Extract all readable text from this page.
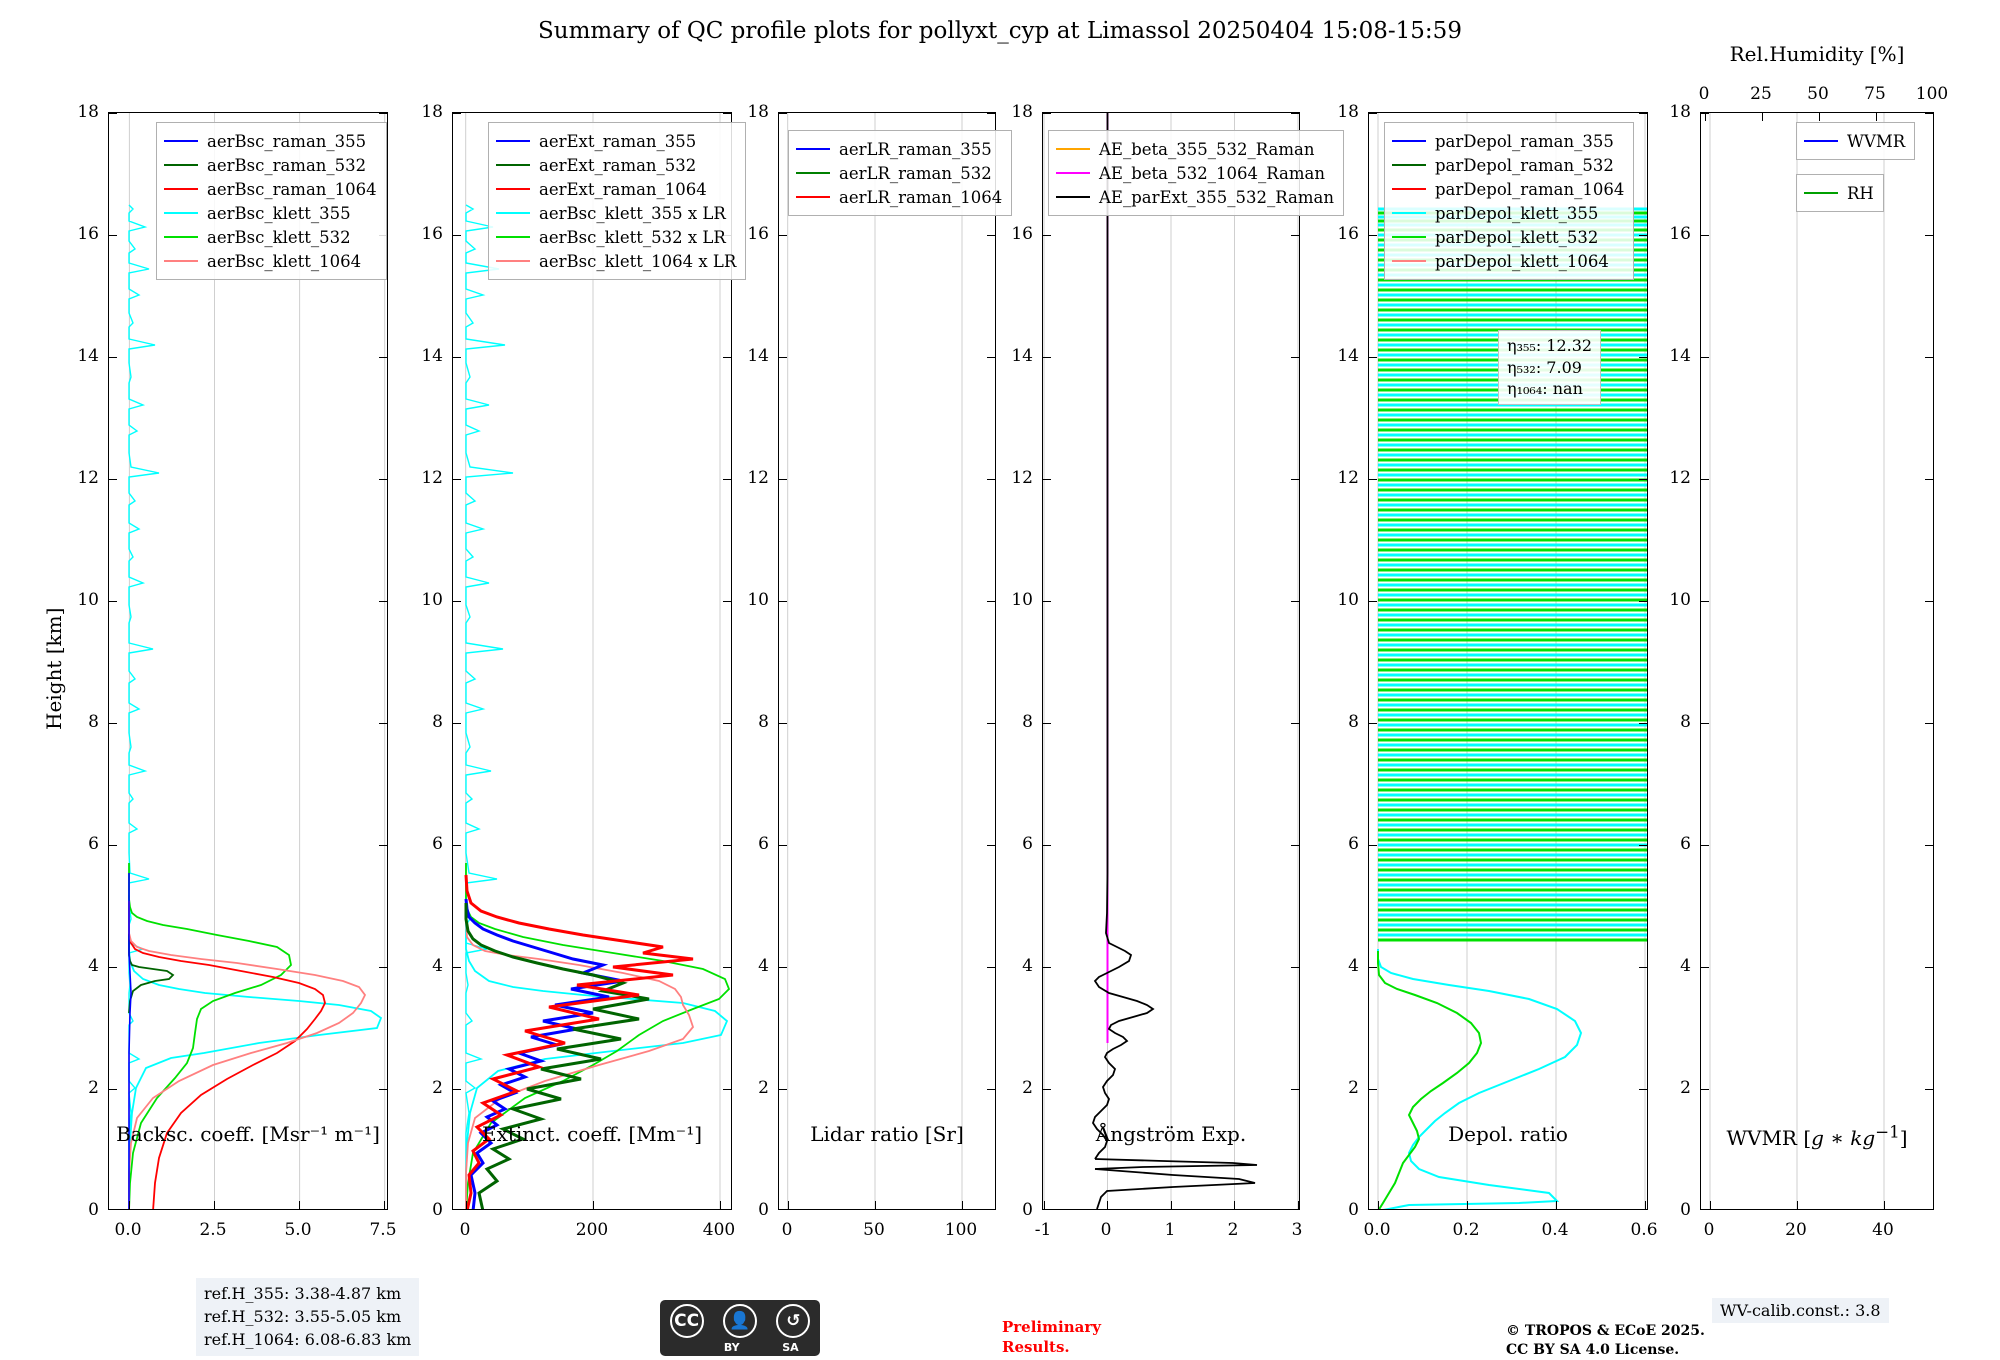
Summary of QC profile plots for pollyxt_cyp at Limassol 20250404 15:08-15:59
Height [km]
0
2
4
6
8
10
12
14
16
18
0.0	2.5	5.0	7.5
aerBsc_raman_355
aerBsc_raman_532
aerBsc_raman_1064
aerBsc_klett_355
aerBsc_klett_532
aerBsc_klett_1064
Backsc. coeff. [Msr⁻¹ m⁻¹]
0
2
4
6
8
10
12
14
16
18
0	200	400
aerExt_raman_355
aerExt_raman_532
aerExt_raman_1064
aerBsc_klett_355 x LR
aerBsc_klett_532 x LR
aerBsc_klett_1064 x LR
Extinct. coeff. [Mm⁻¹]
0
2
4
6
8
10
12
14
16
18
0	50	100
aerLR_raman_355
aerLR_raman_532
aerLR_raman_1064
Lidar ratio [Sr]
0
2
4
6
8
10
12
14
16
18
-1	0	1	2	3
AE_beta_355_532_Raman
AE_beta_532_1064_Raman
AE_parExt_355_532_Raman
Ångström Exp.
0
2
4
6
8
10
12
14
16
18
0.0	0.2	0.4	0.6
parDepol_raman_355
parDepol_raman_532
parDepol_raman_1064
parDepol_klett_355
parDepol_klett_532
parDepol_klett_1064
η₃₅₅: 12.32
η₅₃₂: 7.09
η₁₀₆₄: nan
Depol. ratio
0
2
4
6
8
10
12
14
16
18
0	20	40
0 25 50 75 100
WVMR
RH
WVMR [g ∗ $kg^{-1}$]
Rel.Humidity [%]
ref.H_355: 3.38-4.87 km
ref.H_532: 3.55-5.05 km
ref.H_1064: 6.08-6.83 km
CC	👤	↺
BY	SA
Preliminary
Results.
© TROPOS & ECoE 2025.
CC BY SA 4.0 License.
WV-calib.const.: 3.8
